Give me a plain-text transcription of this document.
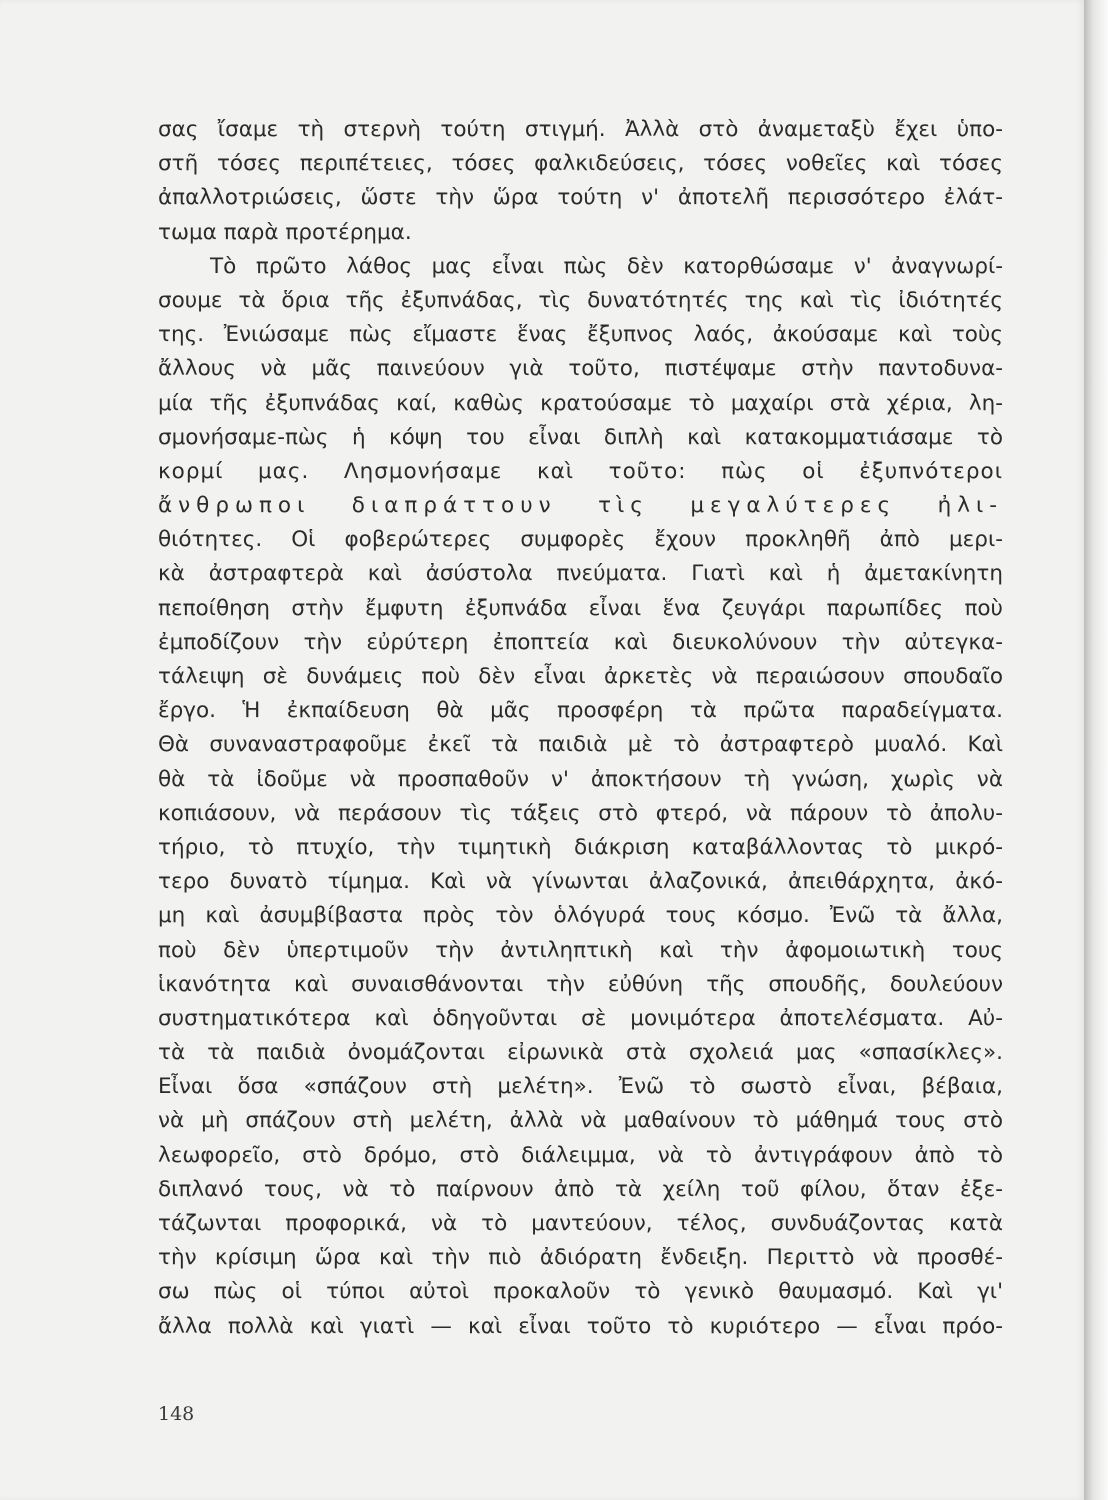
σας ἴσαμε τὴ στερνὴ τούτη στιγμή. Ἀλλὰ στὸ ἀναμεταξὺ ἔχει ὑπο-
στῆ τόσες περιπέτειες, τόσες φαλκιδεύσεις, τόσες νοθεῖες καὶ τόσες
ἀπαλλοτριώσεις, ὥστε τὴν ὥρα τούτη ν' ἀποτελῆ περισσότερο ἐλάτ-
τωμα παρὰ προτέρημα.
Τὸ πρῶτο λάθος μας εἶναι πὼς δὲν κατορθώσαμε ν' ἀναγνωρί-
σουμε τὰ ὅρια τῆς ἐξυπνάδας, τὶς δυνατότητές της καὶ τὶς ἰδιότητές
της. Ἐνιώσαμε πὼς εἴμαστε ἕνας ἔξυπνος λαός, ἀκούσαμε καὶ τοὺς
ἄλλους νὰ μᾶς παινεύουν γιὰ τοῦτο, πιστέψαμε στὴν παντοδυνα-
μία τῆς ἐξυπνάδας καί, καθὼς κρατούσαμε τὸ μαχαίρι στὰ χέρια, λη-
σμονήσαμε-πὼς ἡ κόψη του εἶναι διπλὴ καὶ κατακομματιάσαμε τὸ
κορμί μας. Λησμονήσαμε καὶ τοῦτο: πὼς οἱ ἐξυπνότεροι
ἄνθρωποι διαπράττουν τὶς μεγαλύτερες ἠλι-
θιότητες. Οἱ φοβερώτερες συμφορὲς ἔχουν προκληθῆ ἀπὸ μερι-
κὰ ἀστραφτερὰ καὶ ἀσύστολα πνεύματα. Γιατὶ καὶ ἡ ἀμετακίνητη
πεποίθηση στὴν ἔμφυτη ἐξυπνάδα εἶναι ἕνα ζευγάρι παρωπίδες ποὺ
ἐμποδίζουν τὴν εὐρύτερη ἐποπτεία καὶ διευκολύνουν τὴν αὐτεγκα-
τάλειψη σὲ δυνάμεις ποὺ δὲν εἶναι ἀρκετὲς νὰ περαιώσουν σπουδαῖο
ἔργο. Ἡ ἐκπαίδευση θὰ μᾶς προσφέρη τὰ πρῶτα παραδείγματα.
Θὰ συναναστραφοῦμε ἐκεῖ τὰ παιδιὰ μὲ τὸ ἀστραφτερὸ μυαλό. Καὶ
θὰ τὰ ἰδοῦμε νὰ προσπαθοῦν ν' ἀποκτήσουν τὴ γνώση, χωρὶς νὰ
κοπιάσουν, νὰ περάσουν τὶς τάξεις στὸ φτερό, νὰ πάρουν τὸ ἀπολυ-
τήριο, τὸ πτυχίο, τὴν τιμητικὴ διάκριση καταβάλλοντας τὸ μικρό-
τερο δυνατὸ τίμημα. Καὶ νὰ γίνωνται ἀλαζονικά, ἀπειθάρχητα, ἀκό-
μη καὶ ἀσυμβίβαστα πρὸς τὸν ὁλόγυρά τους κόσμο. Ἐνῶ τὰ ἄλλα,
ποὺ δὲν ὑπερτιμοῦν τὴν ἀντιληπτικὴ καὶ τὴν ἀφομοιωτικὴ τους
ἱκανότητα καὶ συναισθάνονται τὴν εὐθύνη τῆς σπουδῆς, δουλεύουν
συστηματικότερα καὶ ὁδηγοῦνται σὲ μονιμότερα ἀποτελέσματα. Αὐ-
τὰ τὰ παιδιὰ ὀνομάζονται εἰρωνικὰ στὰ σχολειά μας «σπασίκλες».
Εἶναι ὅσα «σπάζουν στὴ μελέτη». Ἐνῶ τὸ σωστὸ εἶναι, βέβαια,
νὰ μὴ σπάζουν στὴ μελέτη, ἀλλὰ νὰ μαθαίνουν τὸ μάθημά τους στὸ
λεωφορεῖο, στὸ δρόμο, στὸ διάλειμμα, νὰ τὸ ἀντιγράφουν ἀπὸ τὸ
διπλανό τους, νὰ τὸ παίρνουν ἀπὸ τὰ χείλη τοῦ φίλου, ὅταν ἐξε-
τάζωνται προφορικά, νὰ τὸ μαντεύουν, τέλος, συνδυάζοντας κατὰ
τὴν κρίσιμη ὥρα καὶ τὴν πιὸ ἀδιόρατη ἔνδειξη. Περιττὸ νὰ προσθέ-
σω πὼς οἱ τύποι αὐτοὶ προκαλοῦν τὸ γενικὸ θαυμασμό. Καὶ γι'
ἄλλα πολλὰ καὶ γιατὶ — καὶ εἶναι τοῦτο τὸ κυριότερο — εἶναι πρόο-
148
